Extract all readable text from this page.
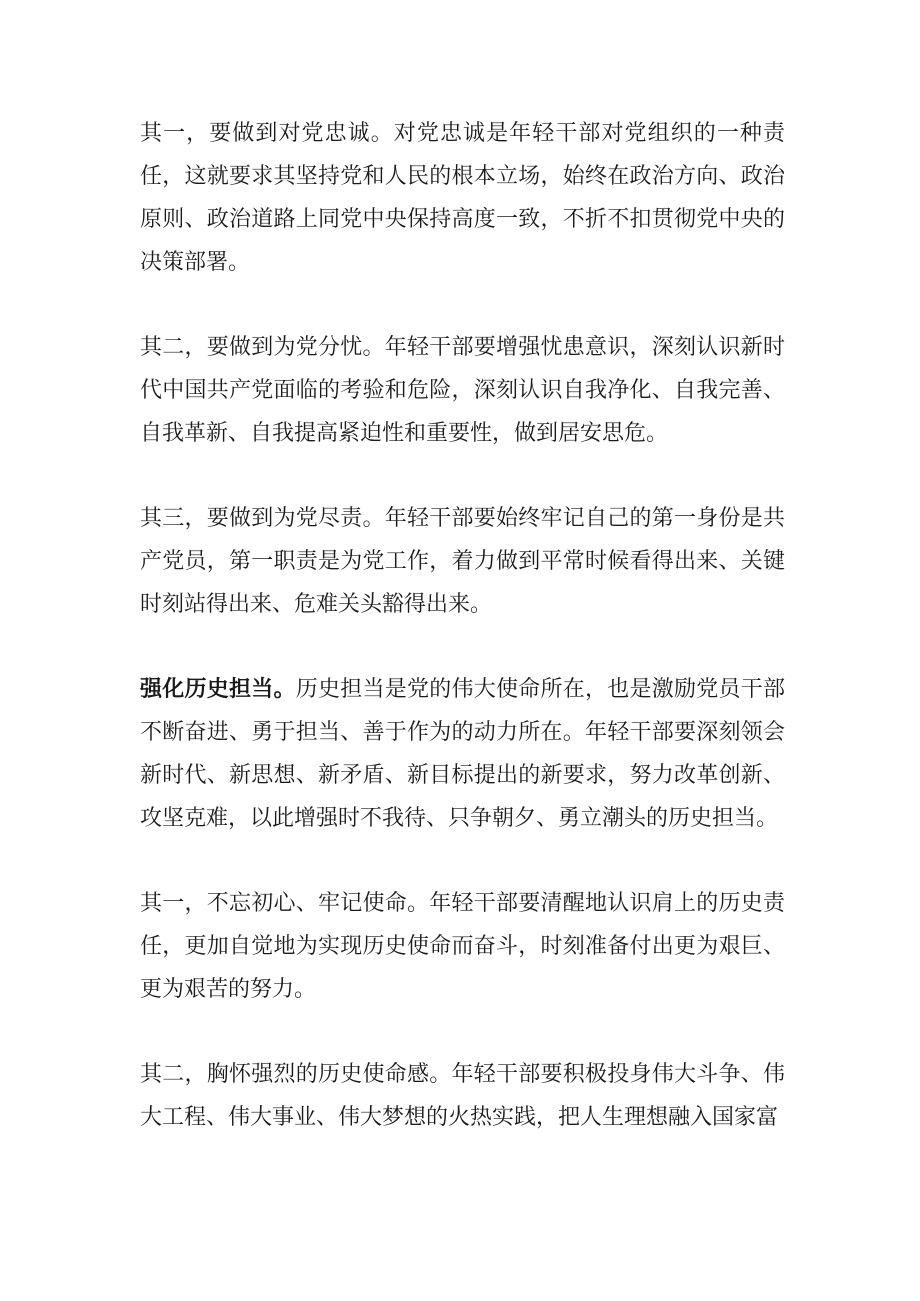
其一，要做到对党忠诚。对党忠诚是年轻干部对党组织的一种责任，这就要求其坚持党和人民的根本立场，始终在政治方向、政治原则、政治道路上同党中央保持高度一致，不折不扣贯彻党中央的决策部署。

其二，要做到为党分忧。年轻干部要增强忧患意识，深刻认识新时代中国共产党面临的考验和危险，深刻认识自我净化、自我完善、自我革新、自我提高紧迫性和重要性，做到居安思危。

其三，要做到为党尽责。年轻干部要始终牢记自己的第一身份是共产党员，第一职责是为党工作，着力做到平常时候看得出来、关键时刻站得出来、危难关头豁得出来。

强化历史担当。历史担当是党的伟大使命所在，也是激励党员干部不断奋进、勇于担当、善于作为的动力所在。年轻干部要深刻领会新时代、新思想、新矛盾、新目标提出的新要求，努力改革创新、攻坚克难，以此增强时不我待、只争朝夕、勇立潮头的历史担当。

其一，不忘初心、牢记使命。年轻干部要清醒地认识肩上的历史责任，更加自觉地为实现历史使命而奋斗，时刻准备付出更为艰巨、更为艰苦的努力。

其二，胸怀强烈的历史使命感。年轻干部要积极投身伟大斗争、伟大工程、伟大事业、伟大梦想的火热实践，把人生理想融入国家富
